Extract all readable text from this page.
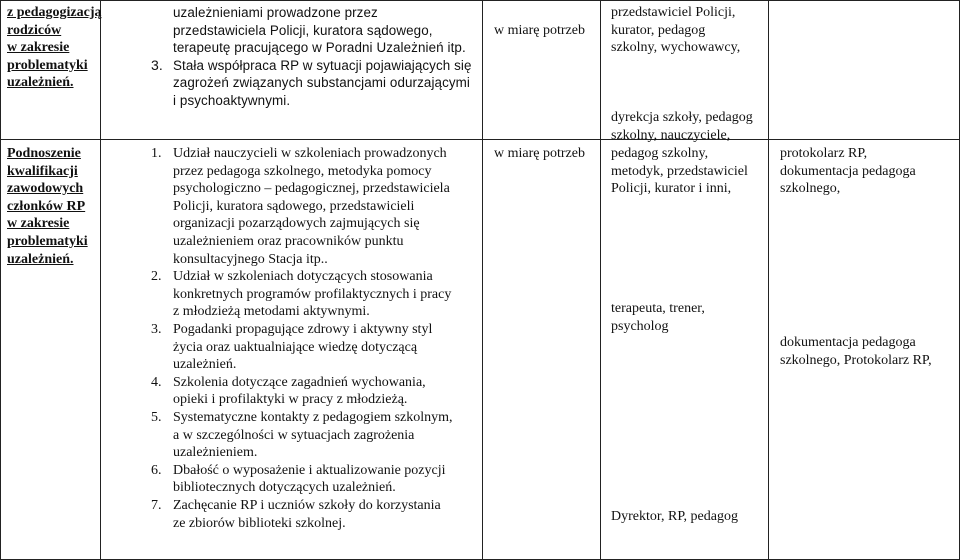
z pedagogizacją
rodziców
w zakresie
problematyki
uzależnień.
uzależnieniami prowadzone przez
przedstawiciela Policji, kuratora sądowego,
terapeutę pracującego w Poradni Uzależnień itp.
3. Stała współpraca RP w sytuacji pojawiających się
zagrożeń związanych substancjami odurzającymi
i psychoaktywnymi.
w miarę potrzeb
przedstawiciel Policji,
kurator, pedagog
szkolny, wychowawcy,
Podnoszenie
kwalifikacji
zawodowych
członków RP
w zakresie
problematyki
uzależnień.
1. Udział nauczycieli w szkoleniach prowadzonych
przez pedagoga szkolnego, metodyka pomocy
psychologiczno – pedagogicznej, przedstawiciela
Policji, kuratora sądowego, przedstawicieli
organizacji pozarządowych zajmujących się
uzależnieniem oraz pracowników punktu
konsultacyjnego Stacja itp..
2. Udział w szkoleniach dotyczących stosowania
konkretnych programów profilaktycznych i pracy
z młodzieżą metodami aktywnymi.
3. Pogadanki propagujące zdrowy i aktywny styl
życia oraz uaktualniające wiedzę dotyczącą
uzależnień.
4. Szkolenia dotyczące zagadnień wychowania,
opieki i profilaktyki w pracy z młodzieżą.
5. Systematyczne kontakty z pedagogiem szkolnym,
a w szczególności w sytuacjach zagrożenia
uzależnieniem.
6. Dbałość o wyposażenie i aktualizowanie pozycji
bibliotecznych dotyczących uzależnień.
7. Zachęcanie RP i uczniów szkoły do korzystania
ze zbiorów biblioteki szkolnej.
w miarę potrzeb
dyrekcja szkoły, pedagog
szkolny, nauczyciele,
pedagog szkolny,
metodyk, przedstawiciel
Policji, kurator i inni,
terapeuta, trener,
psycholog
Dyrektor, RP, pedagog
protokolarz RP,
dokumentacja pedagoga
szkolnego,
dokumentacja pedagoga
szkolnego, Protokolarz RP,
